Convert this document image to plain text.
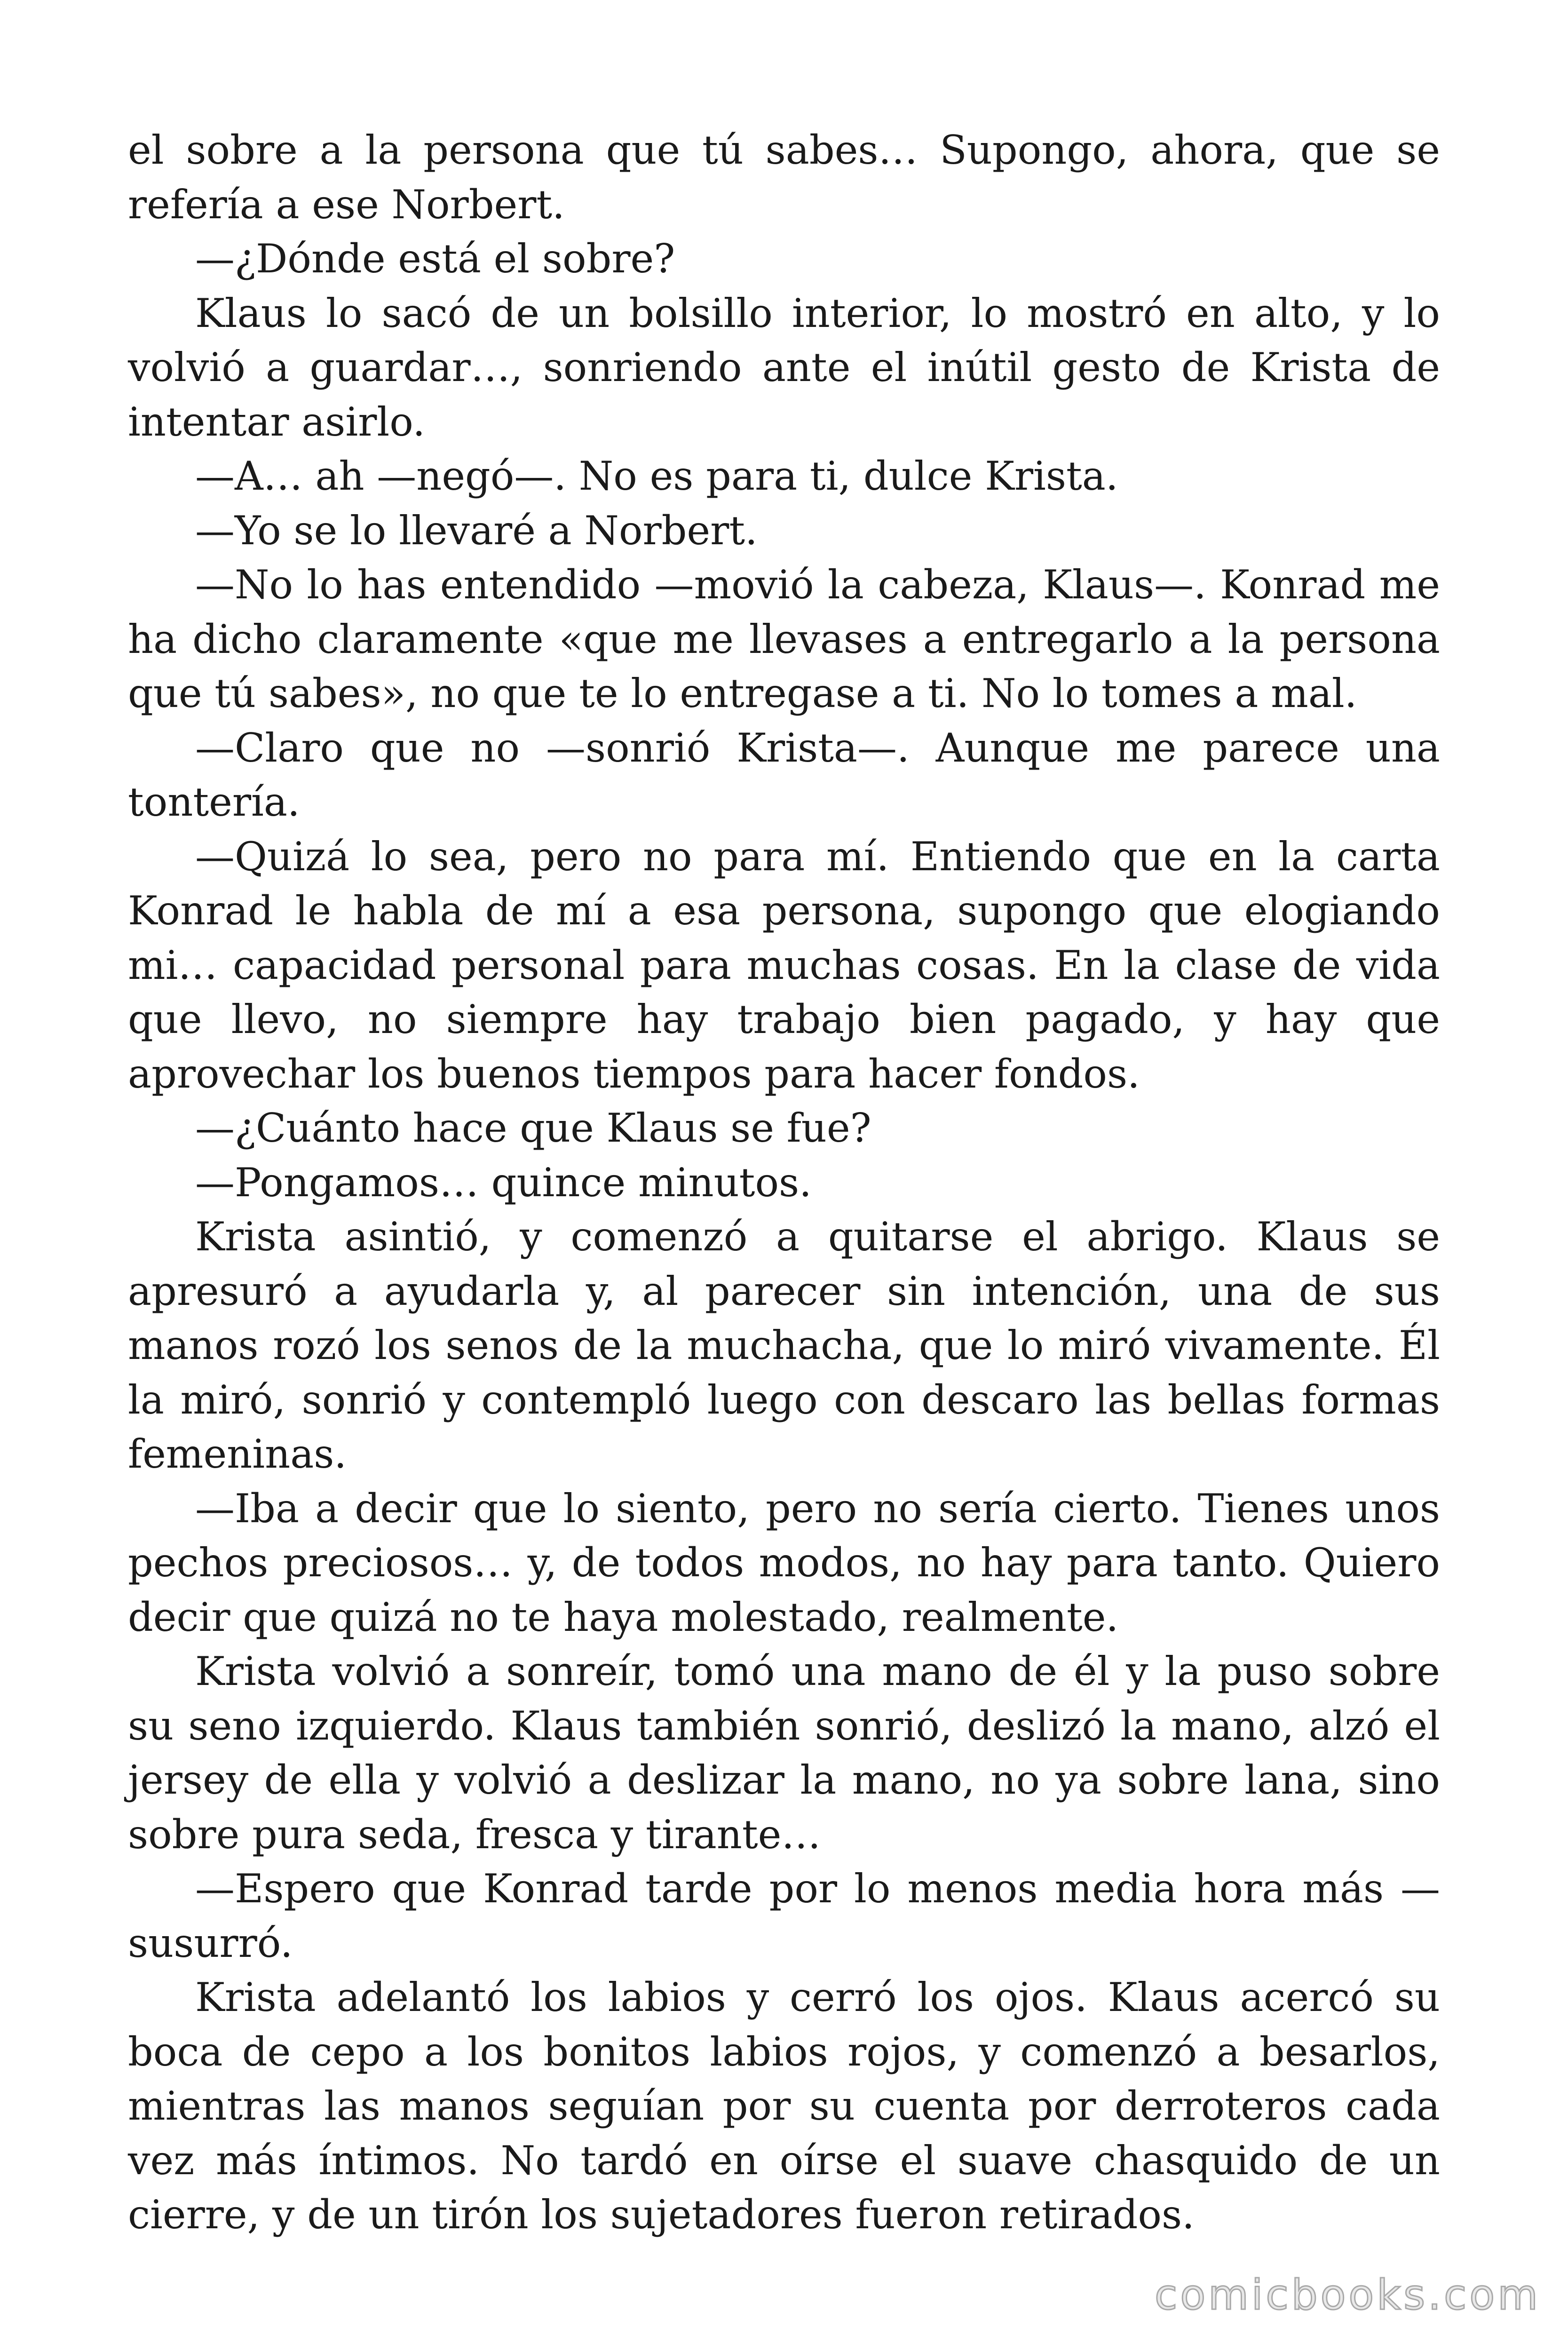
el sobre a la persona que tú sabes… Supongo, ahora, que se refería a ese Norbert.

—¿Dónde está el sobre?

Klaus lo sacó de un bolsillo interior, lo mostró en alto, y lo volvió a guardar…, sonriendo ante el inútil gesto de Krista de intentar asirlo.

—A… ah —negó—. No es para ti, dulce Krista.

—Yo se lo llevaré a Norbert.

—No lo has entendido —movió la cabeza, Klaus—. Konrad me ha dicho claramente «que me llevases a entregarlo a la persona que tú sabes», no que te lo entregase a ti. No lo tomes a mal.

—Claro que no —sonrió Krista—. Aunque me parece una tontería.

—Quizá lo sea, pero no para mí. Entiendo que en la carta Konrad le habla de mí a esa persona, supongo que elogiando mi… capacidad personal para muchas cosas. En la clase de vida que llevo, no siempre hay trabajo bien pagado, y hay que aprovechar los buenos tiempos para hacer fondos.

—¿Cuánto hace que Klaus se fue?

—Pongamos… quince minutos.

Krista asintió, y comenzó a quitarse el abrigo. Klaus se apresuró a ayudarla y, al parecer sin intención, una de sus manos rozó los senos de la muchacha, que lo miró vivamente. Él la miró, sonrió y contempló luego con descaro las bellas formas femeninas.

—Iba a decir que lo siento, pero no sería cierto. Tienes unos pechos preciosos… y, de todos modos, no hay para tanto. Quiero decir que quizá no te haya molestado, realmente.

Krista volvió a sonreír, tomó una mano de él y la puso sobre su seno izquierdo. Klaus también sonrió, deslizó la mano, alzó el jersey de ella y volvió a deslizar la mano, no ya sobre lana, sino sobre pura seda, fresca y tirante…

—Espero que Konrad tarde por lo menos media hora más —susurró.

Krista adelantó los labios y cerró los ojos. Klaus acercó su boca de cepo a los bonitos labios rojos, y comenzó a besarlos, mientras las manos seguían por su cuenta por derroteros cada vez más íntimos. No tardó en oírse el suave chasquido de un cierre, y de un tirón los sujetadores fueron retirados.

comicbooks.com
